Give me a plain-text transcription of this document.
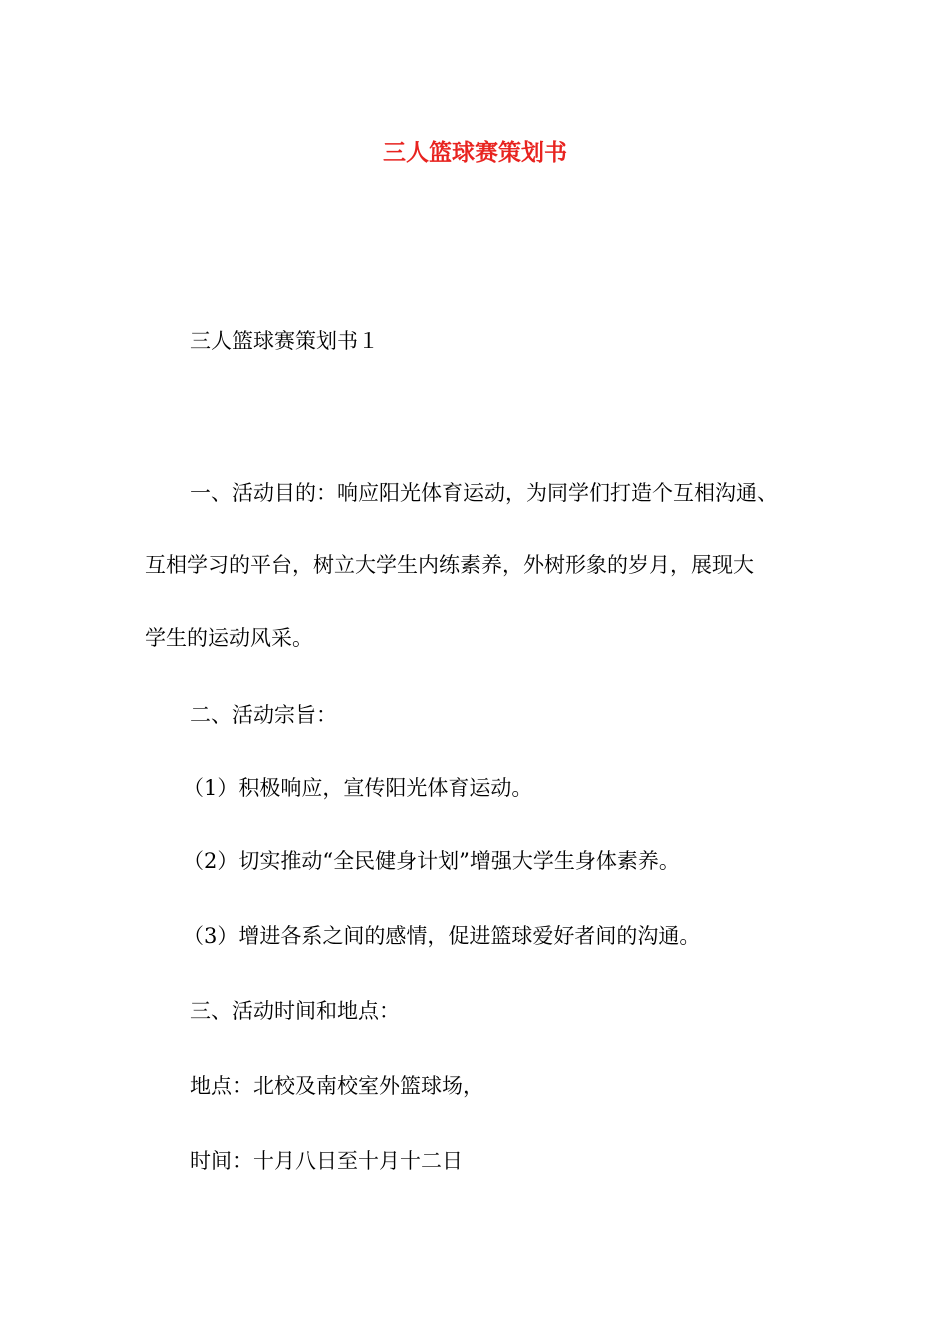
三人篮球赛策划书
三人篮球赛策划书１
一、活动目的：响应阳光体育运动，为同学们打造个互相沟通、
互相学习的平台，树立大学生内练素养，外树形象的岁月，展现大
学生的运动风采。
二、活动宗旨：
（1）积极响应，宣传阳光体育运动。
（2）切实推动“全民健身计划”增强大学生身体素养。
（3）增进各系之间的感情，促进篮球爱好者间的沟通。
三、活动时间和地点：
地点：北校及南校室外篮球场，
时间：十月八日至十月十二日
